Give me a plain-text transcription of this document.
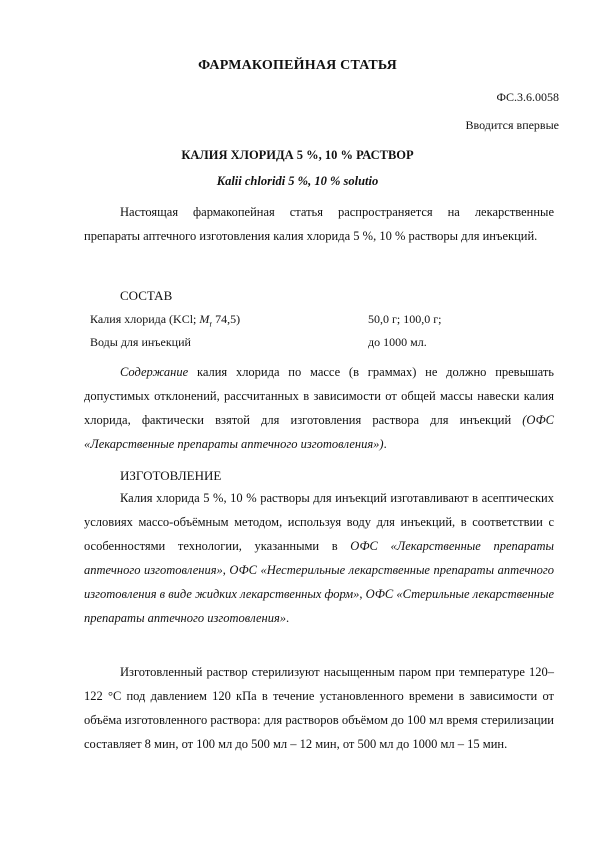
ФАРМАКОПЕЙНАЯ СТАТЬЯ
ФС.3.6.0058
Вводится впервые
КАЛИЯ ХЛОРИДА 5 %, 10 % РАСТВОР
Kalii chloridi 5 %, 10 % solutio
Настоящая фармакопейная статья распространяется на лекарственные препараты аптечного изготовления калия хлорида 5 %, 10 % растворы для инъекций.
СОСТАВ
Калия хлорида (KCl; $M_r$ 74,5)	50,0 г; 100,0 г;
Воды для инъекций	до 1000 мл.
Содержание калия хлорида по массе (в граммах) не должно превышать допустимых отклонений, рассчитанных в зависимости от общей массы навески калия хлорида, фактически взятой для изготовления раствора для инъекций (ОФС «Лекарственные препараты аптечного изготовления»).
ИЗГОТОВЛЕНИЕ
Калия хлорида 5 %, 10 % растворы для инъекций изготавливают в асептических условиях массо-объёмным методом, используя воду для инъекций, в соответствии с особенностями технологии, указанными в ОФС «Лекарственные препараты аптечного изготовления», ОФС «Нестерильные лекарственные препараты аптечного изготовления в виде жидких лекарственных форм», ОФС «Стерильные лекарственные препараты аптечного изготовления».
Изготовленный раствор стерилизуют насыщенным паром при температуре 120–122 °С под давлением 120 кПа в течение установленного времени в зависимости от объёма изготовленного раствора: для растворов объёмом до 100 мл время стерилизации составляет 8 мин, от 100 мл до 500 мл – 12 мин, от 500 мл до 1000 мл – 15 мин.
